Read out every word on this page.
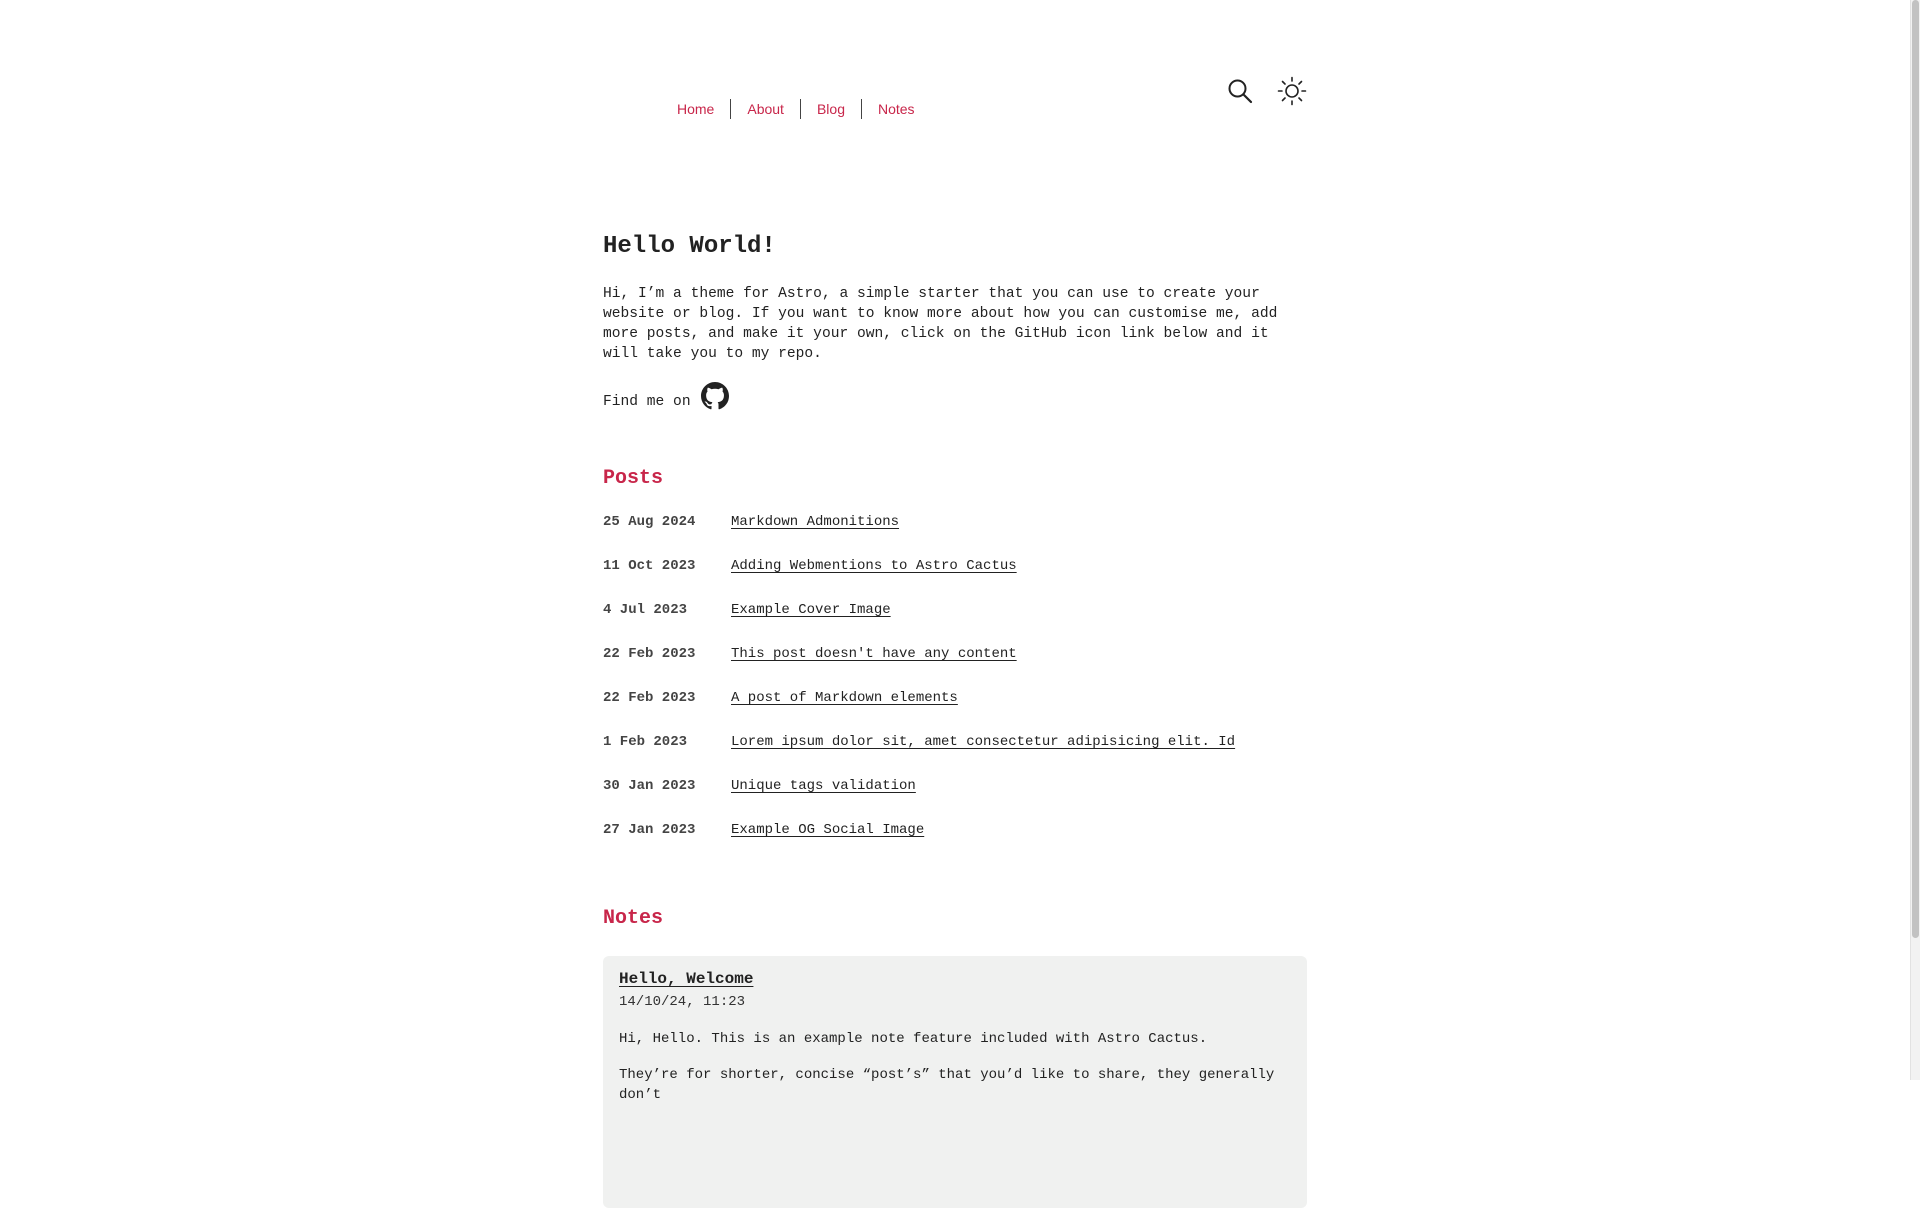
Home	About	Blog	Notes
Hello World!

Hi, I’m a theme for Astro, a simple starter that you can use to create your website or blog. If you want to know more about how you can customise me, add more posts, and make it your own, click on the GitHub icon link below and it will take you to my repo.

Find me on
Posts
25 Aug 2024	Markdown Admonitions
11 Oct 2023	Adding Webmentions to Astro Cactus
4 Jul 2023	Example Cover Image
22 Feb 2023	This post doesn't have any content
22 Feb 2023	A post of Markdown elements
1 Feb 2023	Lorem ipsum dolor sit, amet consectetur adipisicing elit. Id
30 Jan 2023	Unique tags validation
27 Jan 2023	Example OG Social Image
Notes
Hello, Welcome
14/10/24, 11:23

Hi, Hello. This is an example note feature included with Astro Cactus.

They’re for shorter, concise “post’s” that you’d like to share, they generally don’t
